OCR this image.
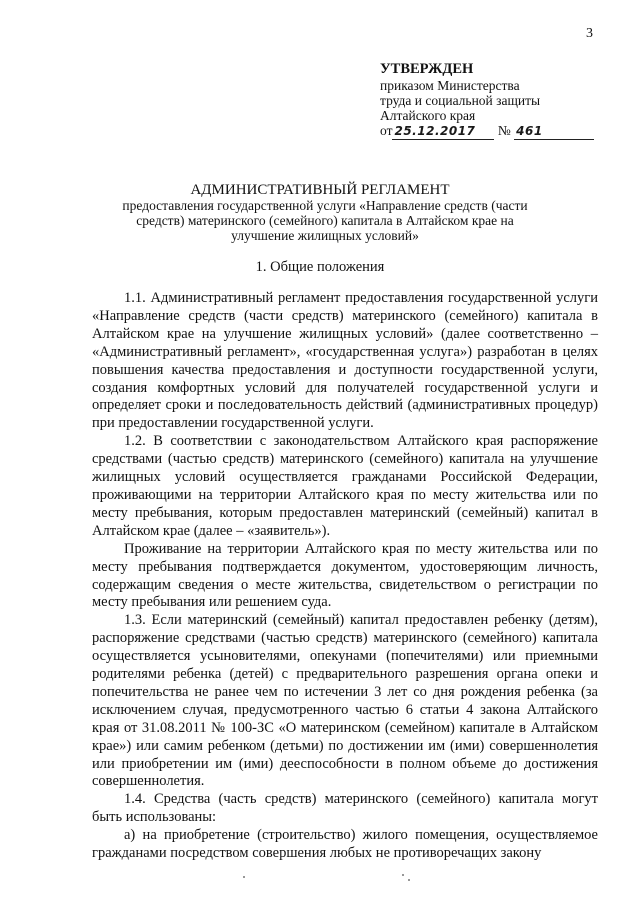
3
УТВЕРЖДЕН
приказом Министерства
труда и социальной защиты
Алтайского края
от 25.12.2017 № 461
АДМИНИСТРАТИВНЫЙ РЕГЛАМЕНТ
предоставления государственной услуги «Направление средств (части средств) материнского (семейного) капитала в Алтайском крае на улучшение жилищных условий»
1. Общие положения

1.1. Административный регламент предоставления государственной услуги «Направление средств (части средств) материнского (семейного) капитала в Алтайском крае на улучшение жилищных условий» (далее соответственно – «Административный регламент», «государственная услуга») разработан в целях повышения качества предоставления и доступности государственной услуги, создания комфортных условий для получателей государственной услуги и определяет сроки и последовательность действий (административных процедур) при предоставлении государственной услуги.

1.2. В соответствии с законодательством Алтайского края распоряжение средствами (частью средств) материнского (семейного) капитала на улучшение жилищных условий осуществляется гражданами Российской Федерации, проживающими на территории Алтайского края по месту жительства или по месту пребывания, которым предоставлен материнский (семейный) капитал в Алтайском крае (далее – «заявитель»).

Проживание на территории Алтайского края по месту жительства или по месту пребывания подтверждается документом, удостоверяющим личность, содержащим сведения о месте жительства, свидетельством о регистрации по месту пребывания или решением суда.

1.3. Если материнский (семейный) капитал предоставлен ребенку (детям), распоряжение средствами (частью средств) материнского (семейного) капитала осуществляется усыновителями, опекунами (попечителями) или приемными родителями ребенка (детей) с предварительного разрешения органа опеки и попечительства не ранее чем по истечении 3 лет со дня рождения ребенка (за исключением случая, предусмотренного частью 6 статьи 4 закона Алтайского края от 31.08.2011 № 100-ЗС «О материнском (семейном) капитале в Алтайском крае») или самим ребенком (детьми) по достижении им (ими) совершеннолетия или приобретении им (ими) дееспособности в полном объеме до достижения совершеннолетия.

1.4. Средства (часть средств) материнского (семейного) капитала могут быть использованы:

а) на приобретение (строительство) жилого помещения, осуществляемое гражданами посредством совершения любых не противоречащих закону
